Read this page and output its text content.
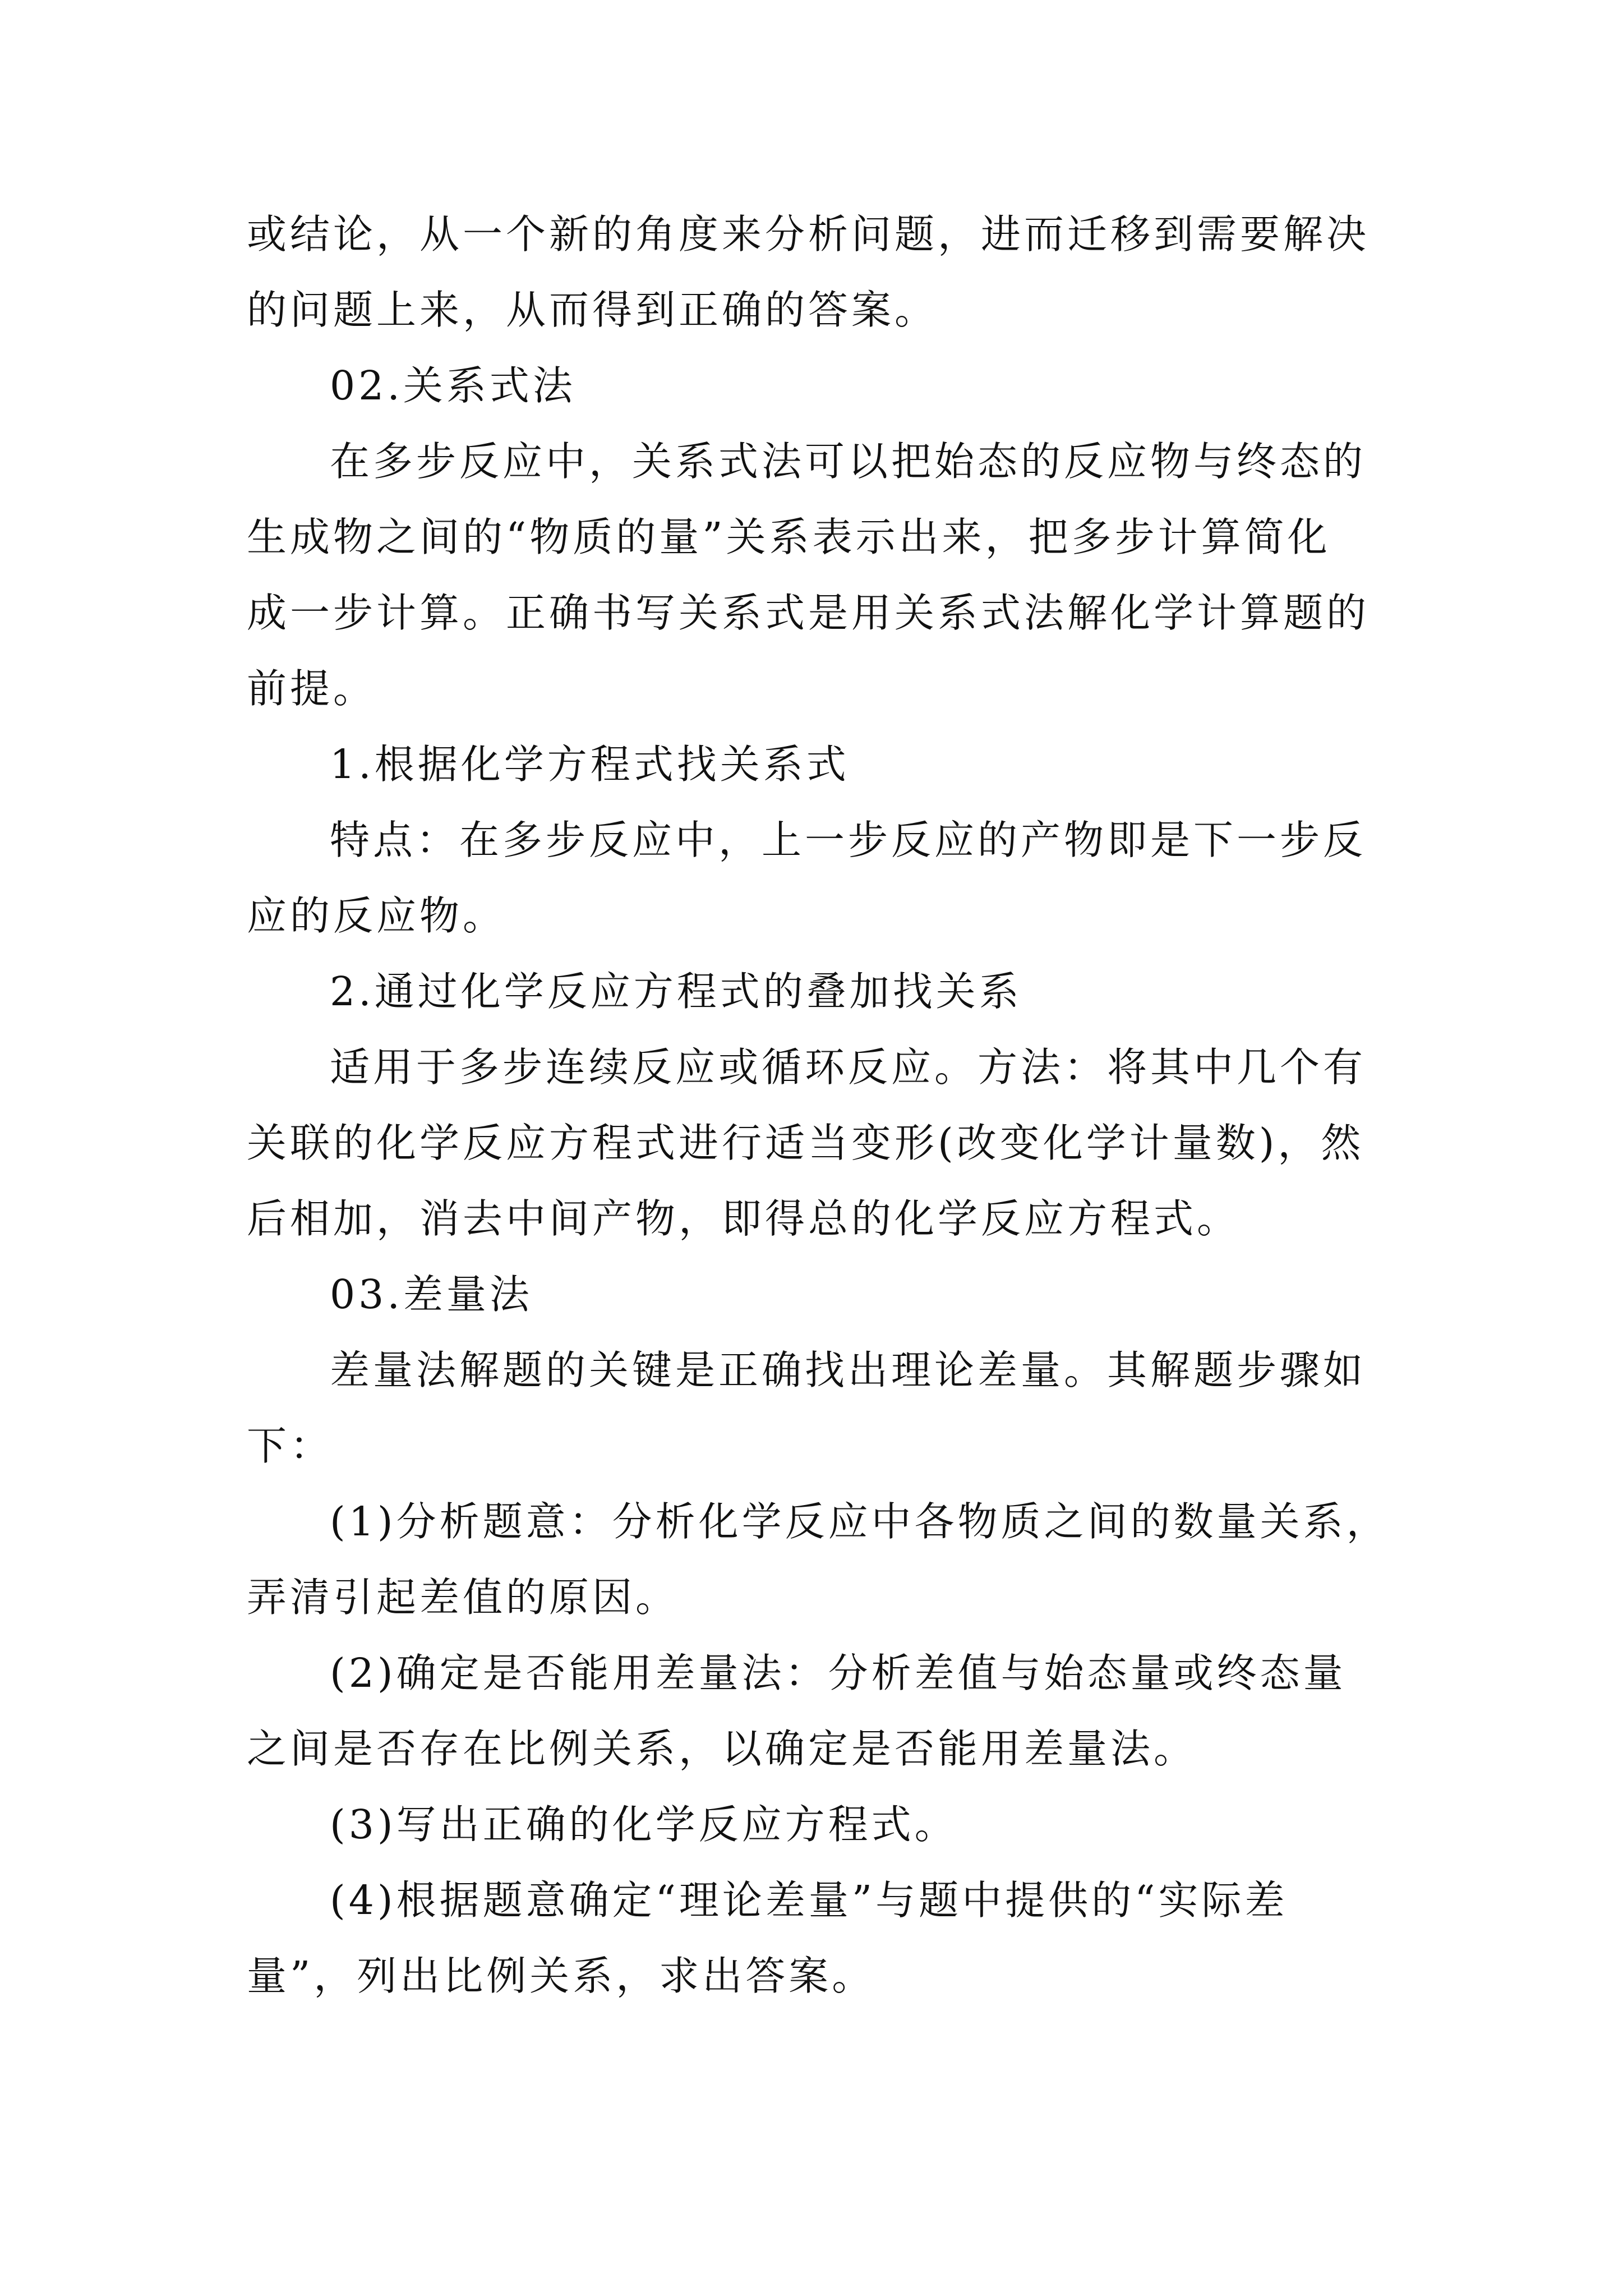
或结论，从一个新的角度来分析问题，进而迁移到需要解决
的问题上来，从而得到正确的答案。
02.关系式法
在多步反应中，关系式法可以把始态的反应物与终态的
生成物之间的“物质的量”关系表示出来，把多步计算简化
成一步计算。正确书写关系式是用关系式法解化学计算题的
前提。
1.根据化学方程式找关系式
特点：在多步反应中，上一步反应的产物即是下一步反
应的反应物。
2.通过化学反应方程式的叠加找关系
适用于多步连续反应或循环反应。方法：将其中几个有
关联的化学反应方程式进行适当变形(改变化学计量数)，然
后相加，消去中间产物，即得总的化学反应方程式。
03.差量法
差量法解题的关键是正确找出理论差量。其解题步骤如
下：
(1)分析题意：分析化学反应中各物质之间的数量关系，
弄清引起差值的原因。
(2)确定是否能用差量法：分析差值与始态量或终态量
之间是否存在比例关系，以确定是否能用差量法。
(3)写出正确的化学反应方程式。
(4)根据题意确定“理论差量”与题中提供的“实际差
量”，列出比例关系，求出答案。
